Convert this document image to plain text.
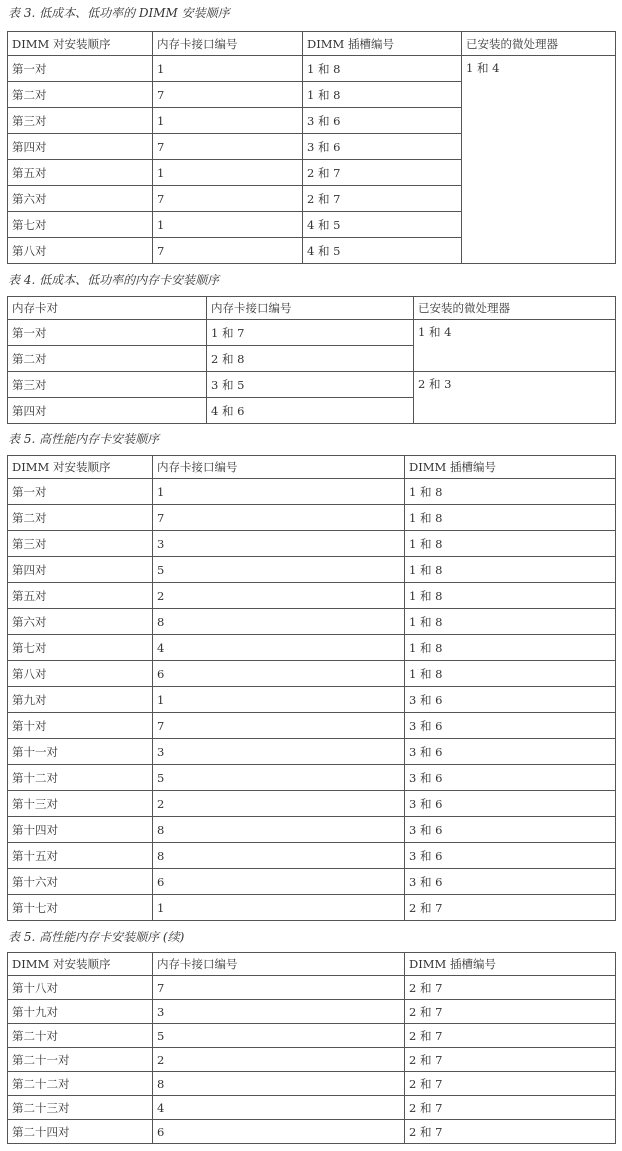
表 3. 低成本、低功率的 DIMM 安装顺序
DIMM 对安装顺序	内存卡接口编号	DIMM 插槽编号	已安装的微处理器
第一对	1	1 和 8	1 和 4
第二对	7	1 和 8	
第三对	1	3 和 6	
第四对	7	3 和 6	
第五对	1	2 和 7	
第六对	7	2 和 7	
第七对	1	4 和 5	
第八对	7	4 和 5	
表 4. 低成本、低功率的内存卡安装顺序
内存卡对	内存卡接口编号	已安装的微处理器
第一对	1 和 7	1 和 4
第二对	2 和 8	
第三对	3 和 5	2 和 3
第四对	4 和 6	
表 5. 高性能内存卡安装顺序
DIMM 对安装顺序	内存卡接口编号	DIMM 插槽编号
第一对	1	1 和 8
第二对	7	1 和 8
第三对	3	1 和 8
第四对	5	1 和 8
第五对	2	1 和 8
第六对	8	1 和 8
第七对	4	1 和 8
第八对	6	1 和 8
第九对	1	3 和 6
第十对	7	3 和 6
第十一对	3	3 和 6
第十二对	5	3 和 6
第十三对	2	3 和 6
第十四对	8	3 和 6
第十五对	8	3 和 6
第十六对	6	3 和 6
第十七对	1	2 和 7
表 5. 高性能内存卡安装顺序 (续)
DIMM 对安装顺序	内存卡接口编号	DIMM 插槽编号
第十八对	7	2 和 7
第十九对	3	2 和 7
第二十对	5	2 和 7
第二十一对	2	2 和 7
第二十二对	8	2 和 7
第二十三对	4	2 和 7
第二十四对	6	2 和 7
